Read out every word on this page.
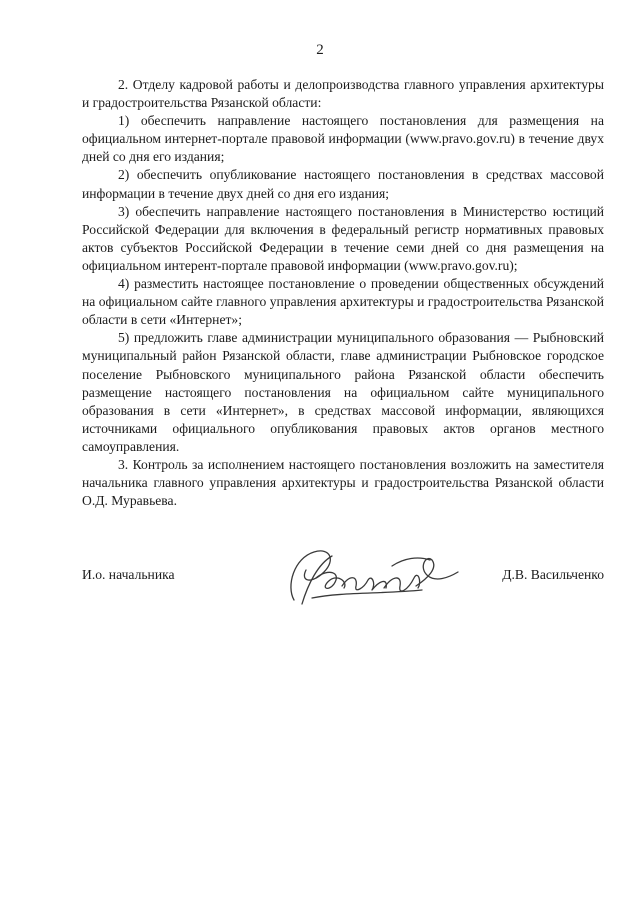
2

2. Отделу кадровой работы и делопроизводства главного управления архитектуры и градостроительства Рязанской области:

1) обеспечить направление настоящего постановления для размещения на официальном интернет-портале правовой информации (www.pravo.gov.ru) в течение двух дней со дня его издания;

2) обеспечить опубликование настоящего постановления в средствах массовой информации в течение двух дней со дня его издания;

3) обеспечить направление настоящего постановления в Министерство юстиций Российской Федерации для включения в федеральный регистр нормативных правовых актов субъектов Российской Федерации в течение семи дней со дня размещения на официальном интерент-портале правовой информации (www.pravo.gov.ru);

4) разместить настоящее постановление о проведении общественных обсуждений на официальном сайте главного управления архитектуры и градостроительства Рязанской области в сети «Интернет»;

5) предложить главе администрации муниципального образования — Рыбновский муниципальный район Рязанской области, главе администрации Рыбновское городское поселение Рыбновского муниципального района Рязанской области обеспечить размещение настоящего постановления на официальном сайте муниципального образования в сети «Интернет», в средствах массовой информации, являющихся источниками официального опубликования правовых актов органов местного самоуправления.

3. Контроль за исполнением настоящего постановления возложить на заместителя начальника главного управления архитектуры и градостроительства Рязанской области О.Д. Муравьева.

И.о. начальника	Д.В. Васильченко
